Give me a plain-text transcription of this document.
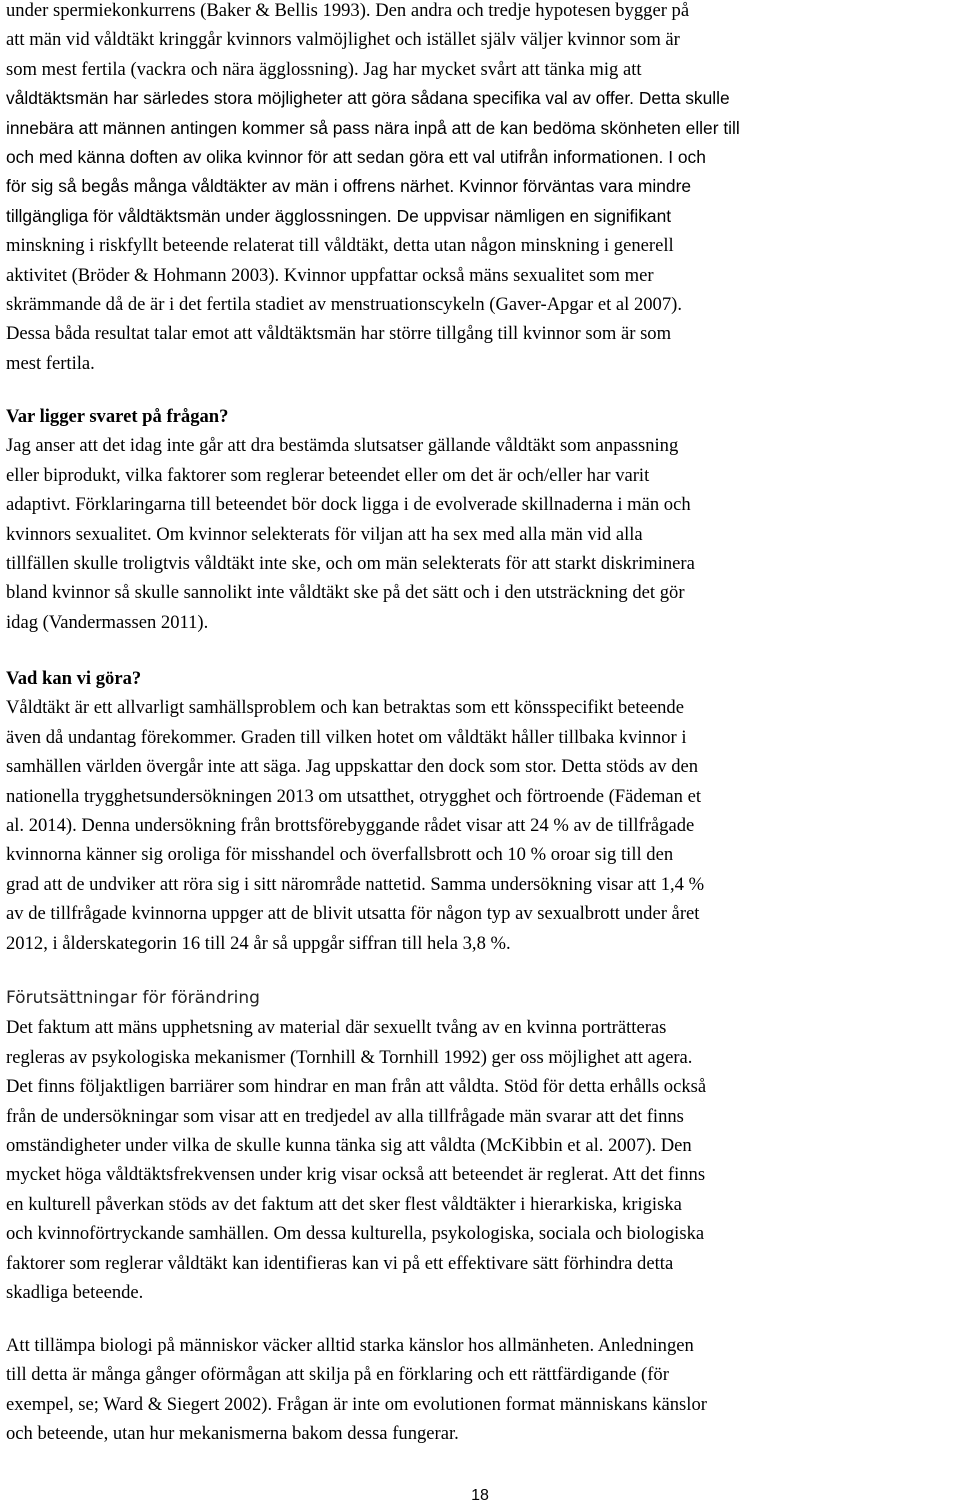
under spermiekonkurrens (Baker & Bellis 1993). Den andra och tredje hypotesen bygger på
att män vid våldtäkt kringgår kvinnors valmöjlighet och istället själv väljer kvinnor som är
som mest fertila (vackra och nära ägglossning). Jag har mycket svårt att tänka mig att
våldtäktsmän har särledes stora möjligheter att göra sådana specifika val av offer. Detta skulle
innebära att männen antingen kommer så pass nära inpå att de kan bedöma skönheten eller till
och med känna doften av olika kvinnor för att sedan göra ett val utifrån informationen. I och
för sig så begås många våldtäkter av män i offrens närhet. Kvinnor förväntas vara mindre
tillgängliga för våldtäktsmän under ägglossningen. De uppvisar nämligen en signifikant
minskning i riskfyllt beteende relaterat till våldtäkt, detta utan någon minskning i generell
aktivitet (Bröder & Hohmann 2003). Kvinnor uppfattar också mäns sexualitet som mer
skrämmande då de är i det fertila stadiet av menstruationscykeln (Gaver-Apgar et al 2007).
Dessa båda resultat talar emot att våldtäktsmän har större tillgång till kvinnor som är som
mest fertila.
Var ligger svaret på frågan?
Jag anser att det idag inte går att dra bestämda slutsatser gällande våldtäkt som anpassning
eller biprodukt, vilka faktorer som reglerar beteendet eller om det är och/eller har varit
adaptivt. Förklaringarna till beteendet bör dock ligga i de evolverade skillnaderna i män och
kvinnors sexualitet. Om kvinnor selekterats för viljan att ha sex med alla män vid alla
tillfällen skulle troligtvis våldtäkt inte ske, och om män selekterats för att starkt diskriminera
bland kvinnor så skulle sannolikt inte våldtäkt ske på det sätt och i den utsträckning det gör
idag (Vandermassen 2011).
Vad kan vi göra?
Våldtäkt är ett allvarligt samhällsproblem och kan betraktas som ett könsspecifikt beteende
även då undantag förekommer. Graden till vilken hotet om våldtäkt håller tillbaka kvinnor i
samhällen världen övergår inte att säga. Jag uppskattar den dock som stor. Detta stöds av den
nationella trygghetsundersökningen 2013 om utsatthet, otrygghet och förtroende (Fädeman et
al. 2014). Denna undersökning från brottsförebyggande rådet visar att 24 % av de tillfrågade
kvinnorna känner sig oroliga för misshandel och överfallsbrott och 10 % oroar sig till den
grad att de undviker att röra sig i sitt närområde nattetid. Samma undersökning visar att 1,4 %
av de tillfrågade kvinnorna uppger att de blivit utsatta för någon typ av sexualbrott under året
2012, i ålderskategorin 16 till 24 år så uppgår siffran till hela 3,8 %.
Förutsättningar för förändring
Det faktum att mäns upphetsning av material där sexuellt tvång av en kvinna porträtteras
regleras av psykologiska mekanismer (Tornhill & Tornhill 1992) ger oss möjlighet att agera.
Det finns följaktligen barriärer som hindrar en man från att våldta. Stöd för detta erhålls också
från de undersökningar som visar att en tredjedel av alla tillfrågade män svarar att det finns
omständigheter under vilka de skulle kunna tänka sig att våldta (McKibbin et al. 2007). Den
mycket höga våldtäktsfrekvensen under krig visar också att beteendet är reglerat. Att det finns
en kulturell påverkan stöds av det faktum att det sker flest våldtäkter i hierarkiska, krigiska
och kvinnoförtryckande samhällen. Om dessa kulturella, psykologiska, sociala och biologiska
faktorer som reglerar våldtäkt kan identifieras kan vi på ett effektivare sätt förhindra detta
skadliga beteende.
Att tillämpa biologi på människor väcker alltid starka känslor hos allmänheten. Anledningen
till detta är många gånger oförmågan att skilja på en förklaring och ett rättfärdigande (för
exempel, se; Ward & Siegert 2002). Frågan är inte om evolutionen format människans känslor
och beteende, utan hur mekanismerna bakom dessa fungerar.

18
